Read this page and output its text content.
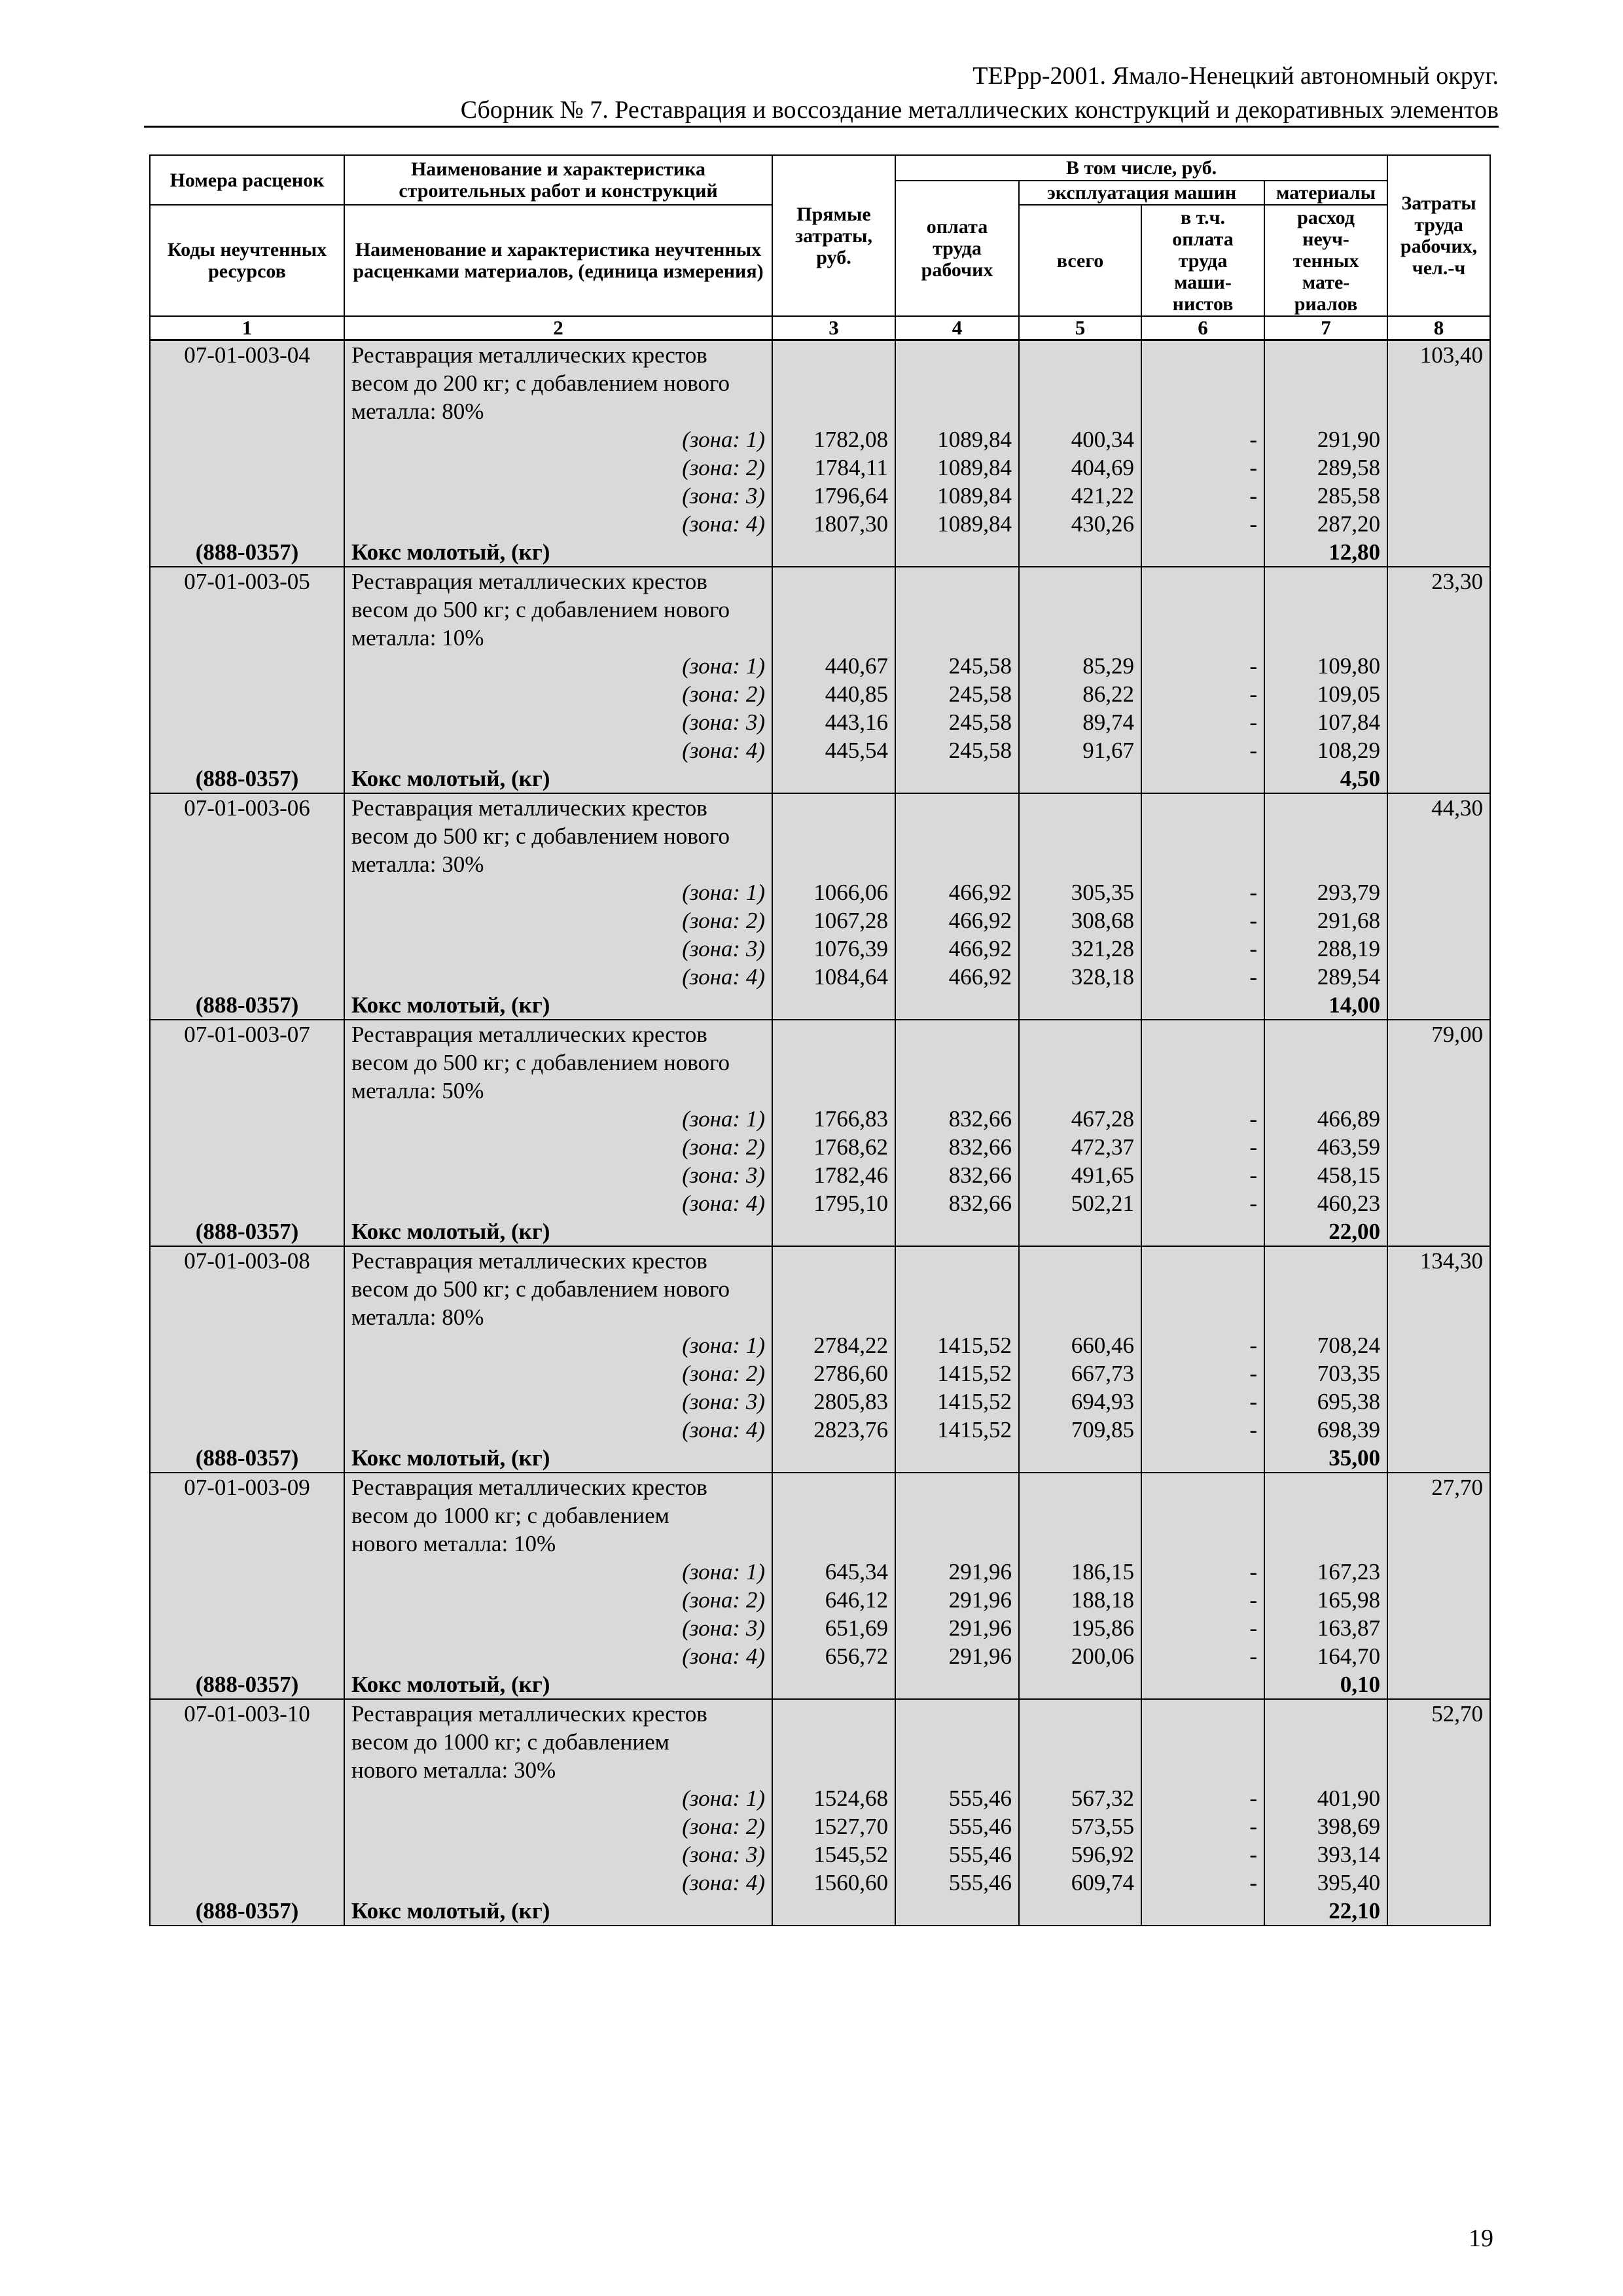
ТЕРрр-2001. Ямало-Ненецкий автономный округ.
Сборник № 7. Реставрация и воссоздание металлических конструкций и декоративных элементов
Номера расценок	Наименование и характеристика строительных работ и конструкций	Прямые затраты, руб.	В том числе, руб.				Затраты труда рабочих, чел.-ч
			оплата труда рабочих	эксплуатация машин		материалы	
Коды неучтенных ресурсов	Наименование и характеристика неучтенных расценками материалов, (единица измерения)			всего	в т.ч. оплата труда маши- нистов	расход неуч- тенных мате- риалов	
1	2	3	4	5	6	7	8
07-01-003-04	Реставрация металлических крестов						103,40
	весом до 200 кг; с добавлением нового						
	металла: 80%						
	(зона: 1)	1782,08	1089,84	400,34	-	291,90	
	(зона: 2)	1784,11	1089,84	404,69	-	289,58	
	(зона: 3)	1796,64	1089,84	421,22	-	285,58	
	(зона: 4)	1807,30	1089,84	430,26	-	287,20	
(888-0357)	Кокс молотый, (кг)					12,80	
07-01-003-05	Реставрация металлических крестов						23,30
	весом до 500 кг; с добавлением нового						
	металла: 10%						
	(зона: 1)	440,67	245,58	85,29	-	109,80	
	(зона: 2)	440,85	245,58	86,22	-	109,05	
	(зона: 3)	443,16	245,58	89,74	-	107,84	
	(зона: 4)	445,54	245,58	91,67	-	108,29	
(888-0357)	Кокс молотый, (кг)					4,50	
07-01-003-06	Реставрация металлических крестов						44,30
	весом до 500 кг; с добавлением нового						
	металла: 30%						
	(зона: 1)	1066,06	466,92	305,35	-	293,79	
	(зона: 2)	1067,28	466,92	308,68	-	291,68	
	(зона: 3)	1076,39	466,92	321,28	-	288,19	
	(зона: 4)	1084,64	466,92	328,18	-	289,54	
(888-0357)	Кокс молотый, (кг)					14,00	
07-01-003-07	Реставрация металлических крестов						79,00
	весом до 500 кг; с добавлением нового						
	металла: 50%						
	(зона: 1)	1766,83	832,66	467,28	-	466,89	
	(зона: 2)	1768,62	832,66	472,37	-	463,59	
	(зона: 3)	1782,46	832,66	491,65	-	458,15	
	(зона: 4)	1795,10	832,66	502,21	-	460,23	
(888-0357)	Кокс молотый, (кг)					22,00	
07-01-003-08	Реставрация металлических крестов						134,30
	весом до 500 кг; с добавлением нового						
	металла: 80%						
	(зона: 1)	2784,22	1415,52	660,46	-	708,24	
	(зона: 2)	2786,60	1415,52	667,73	-	703,35	
	(зона: 3)	2805,83	1415,52	694,93	-	695,38	
	(зона: 4)	2823,76	1415,52	709,85	-	698,39	
(888-0357)	Кокс молотый, (кг)					35,00	
07-01-003-09	Реставрация металлических крестов						27,70
	весом до 1000 кг; с добавлением						
	нового металла: 10%						
	(зона: 1)	645,34	291,96	186,15	-	167,23	
	(зона: 2)	646,12	291,96	188,18	-	165,98	
	(зона: 3)	651,69	291,96	195,86	-	163,87	
	(зона: 4)	656,72	291,96	200,06	-	164,70	
(888-0357)	Кокс молотый, (кг)					0,10	
07-01-003-10	Реставрация металлических крестов						52,70
	весом до 1000 кг; с добавлением						
	нового металла: 30%						
	(зона: 1)	1524,68	555,46	567,32	-	401,90	
	(зона: 2)	1527,70	555,46	573,55	-	398,69	
	(зона: 3)	1545,52	555,46	596,92	-	393,14	
	(зона: 4)	1560,60	555,46	609,74	-	395,40	
(888-0357)	Кокс молотый, (кг)					22,10	
19
